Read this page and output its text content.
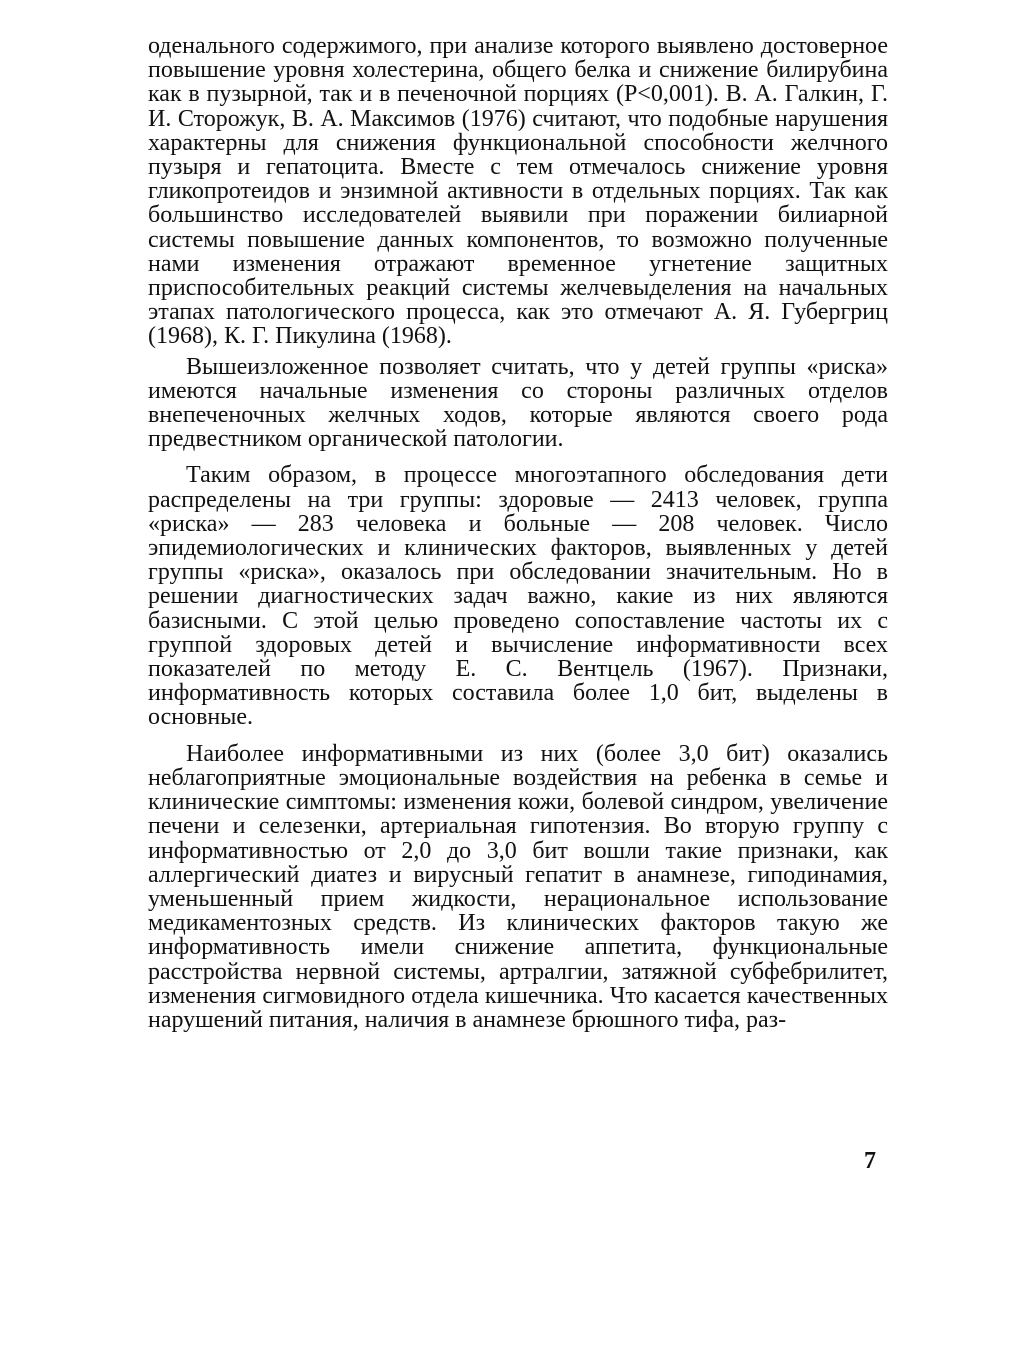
оденального содержимого, при анализе которого выявлено достоверное повышение уровня холестерина, общего белка и снижение билирубина как в пузырной, так и в печеночной порциях (P<0,001). В. А. Галкин, Г. И. Сторожук, В. А. Максимов (1976) считают, что подобные нарушения характерны для снижения функциональной способности желчного пузыря и гепатоцита. Вместе с тем отмечалось снижение уровня гликопротеидов и энзимной активности в отдельных порциях. Так как большинство исследователей выявили при поражении билиарной системы повышение данных компонентов, то возможно полученные нами изменения отражают временное угнетение защитных приспособительных реакций системы желчевыделения на начальных этапах патологического процесса, как это отмечают А. Я. Губергриц (1968), К. Г. Пикулина (1968).

Вышеизложенное позволяет считать, что у детей группы «риска» имеются начальные изменения со стороны различных отделов внепеченочных желчных ходов, которые являются своего рода предвестником органической патологии.

Таким образом, в процессе многоэтапного обследования дети распределены на три группы: здоровые — 2413 человек, группа «риска» — 283 человека и больные — 208 человек. Число эпидемиологических и клинических факторов, выявленных у детей группы «риска», оказалось при обследовании значительным. Но в решении диагностических задач важно, какие из них являются базисными. С этой целью проведено сопоставление частоты их с группой здоровых детей и вычисление информативности всех показателей по методу Е. С. Вентцель (1967). Признаки, информативность которых составила более 1,0 бит, выделены в основные.

Наиболее информативными из них (более 3,0 бит) оказались неблагоприятные эмоциональные воздействия на ребенка в семье и клинические симптомы: изменения кожи, болевой синдром, увеличение печени и селезенки, артериальная гипотензия. Во вторую группу с информативностью от 2,0 до 3,0 бит вошли такие признаки, как аллергический диатез и вирусный гепатит в анамнезе, гиподинамия, уменьшенный прием жидкости, нерациональное использование медикаментозных средств. Из клинических факторов такую же информативность имели снижение аппетита, функциональные расстройства нервной системы, артралгии, затяжной субфебрилитет, изменения сигмовидного отдела кишечника. Что касается качественных нарушений питания, наличия в анамнезе брюшного тифа, раз-

7
